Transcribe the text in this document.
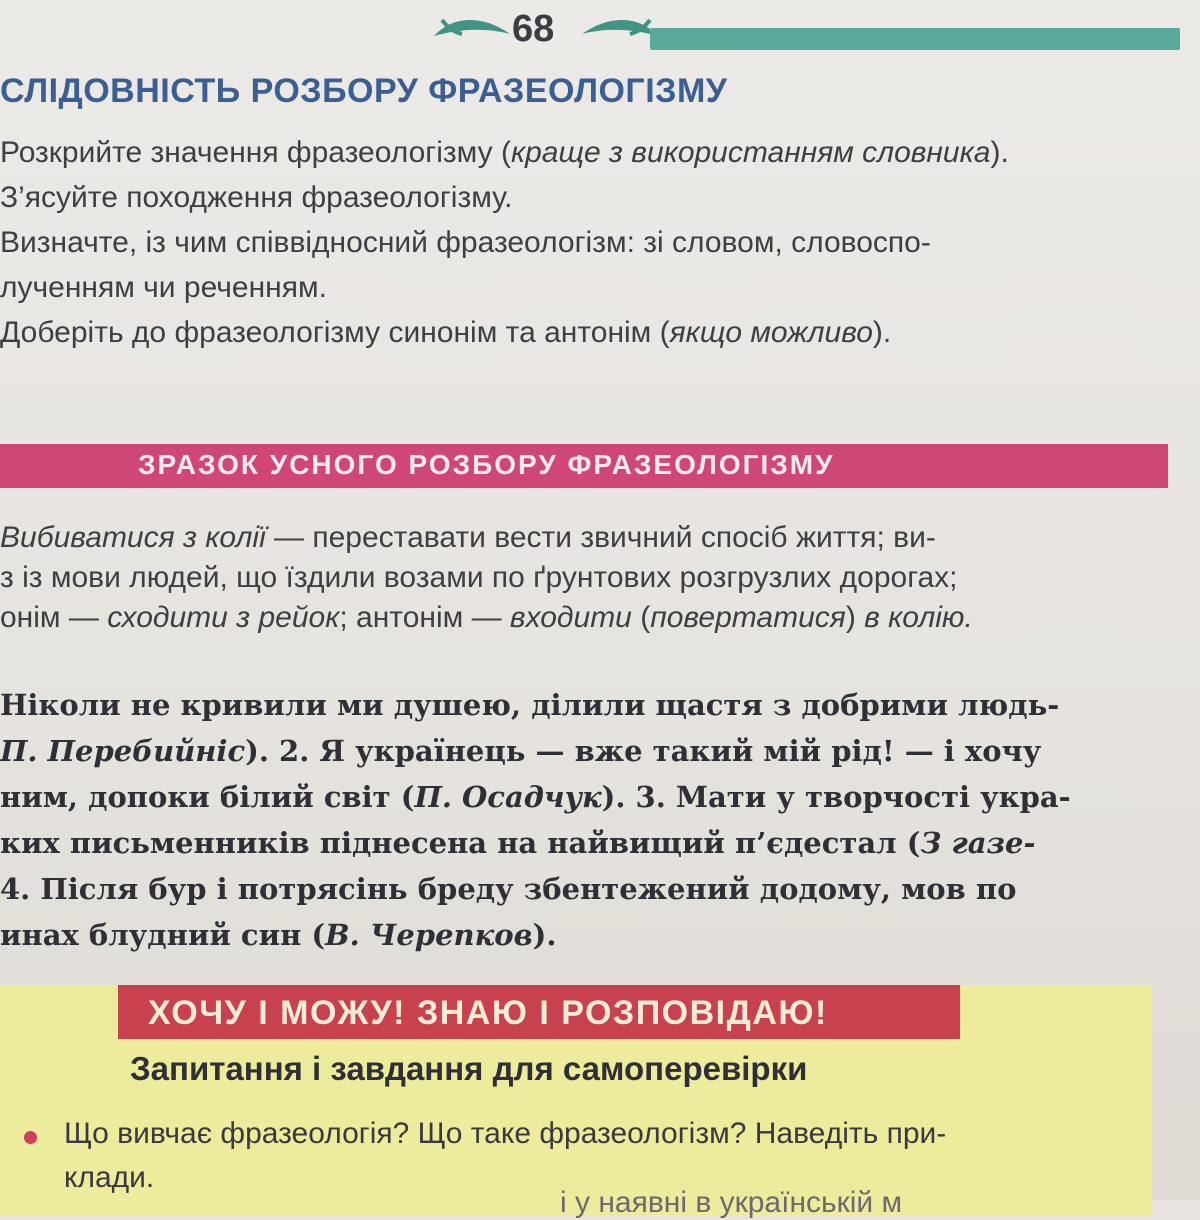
68
СЛІДОВНІСТЬ РОЗБОРУ ФРАЗЕОЛОГІЗМУ
Розкрийте значення фразеологізму (краще з використанням словника).
З’ясуйте походження фразеологізму.
Визначте, із чим співвідносний фразеологізм: зі словом, словоспо-
лученням чи реченням.
Доберіть до фразеологізму синонім та антонім (якщо можливо).
ЗРАЗОК УСНОГО РОЗБОРУ ФРАЗЕОЛОГІЗМУ
Вибиватися з колії — переставати вести звичний спосіб життя; ви-
з із мови людей, що їздили возами по ґрунтових розгрузлих дорогах;
онім — сходити з рейок; антонім — входити (повертатися) в колію.
Ніколи не кривили ми душею, ділили щастя з добрими людь-
П. Перебийніс). 2. Я українець — вже такий мій рід! — і хочу
ним, допоки білий світ (П. Осадчук). 3. Мати у творчості укра-
ких письменників піднесена на найвищий п’єдестал (З газе-
4. Після бур і потрясінь бреду збентежений додому, мов по
инах блудний син (В. Черепков).
ХОЧУ І МОЖУ! ЗНАЮ І РОЗПОВІДАЮ!
Запитання і завдання для самоперевірки
Що вивчає фразеологія? Що таке фразеологізм? Наведіть при-
клади.
і у наявні в українській м
